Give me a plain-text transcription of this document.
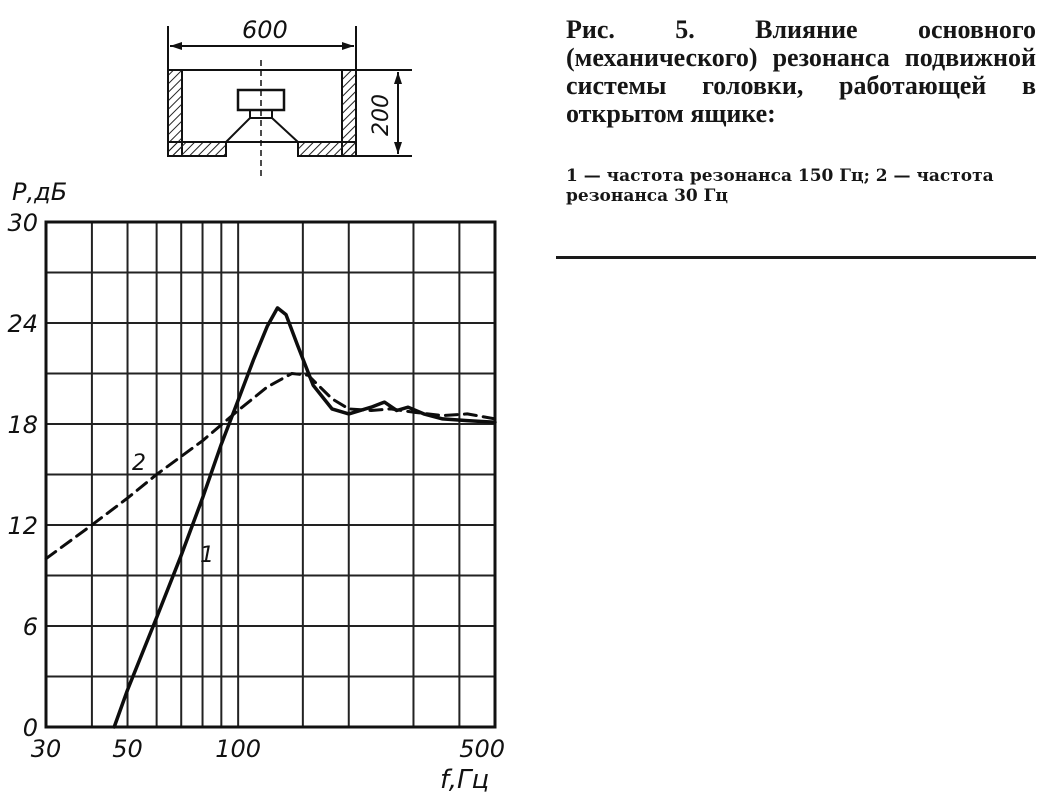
600
200
0
6
12
18
24
30
30 50	100	500
Р,дБ
f,Гц
2
1
Рис. 5. Влияние основного (механического) резонанса подвижной системы головки, работающей в открытом ящике:
1 — частота резонанса 150 Гц; 2 — частота резонанса 30 Гц
